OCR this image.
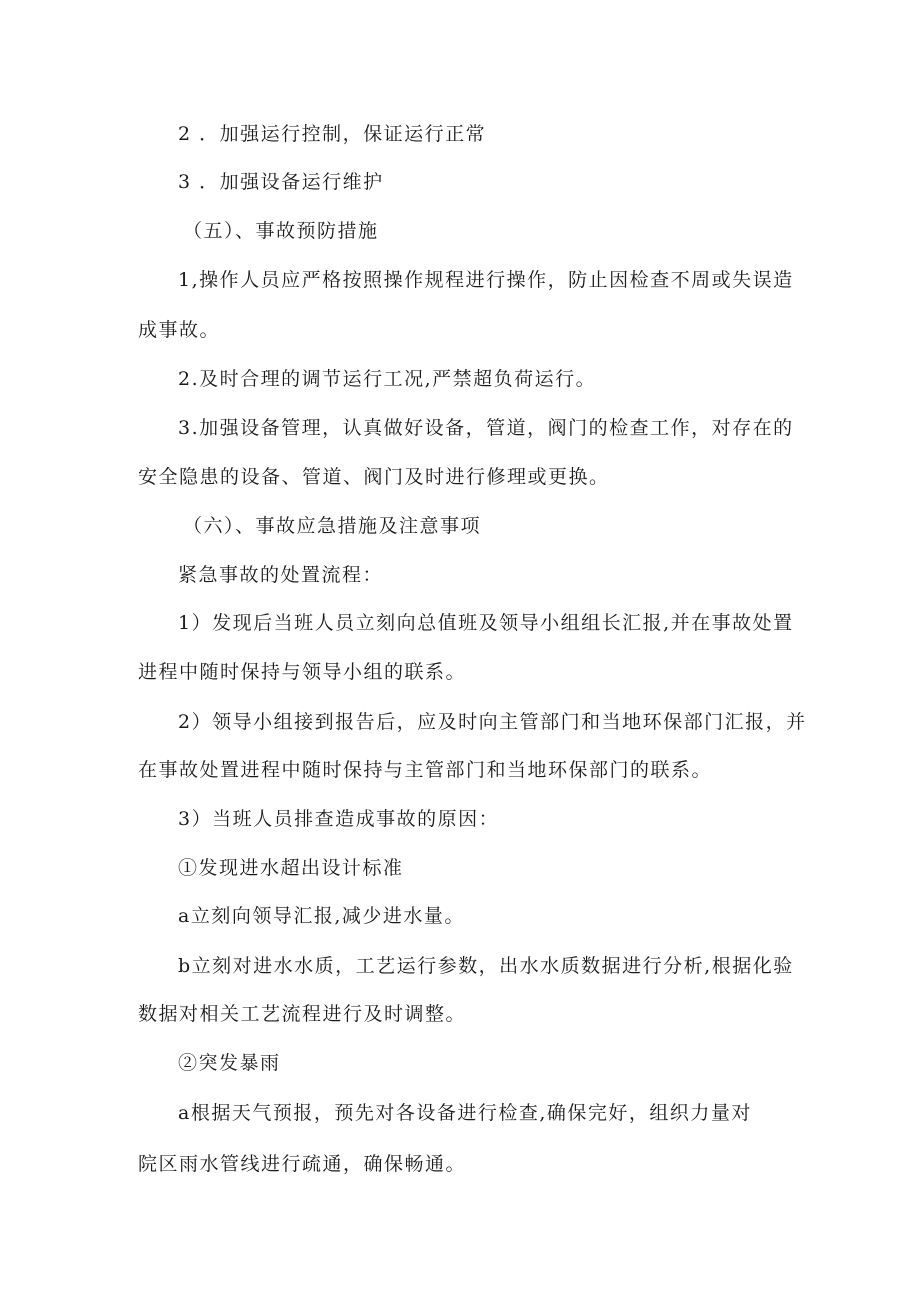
2 ．加强运行控制，保证运行正常
3 ．加强设备运行维护
（五）、事故预防措施
1,操作人员应严格按照操作规程进行操作，防止因检查不周或失误造
成事故。
2.及时合理的调节运行工况,严禁超负荷运行。
3.加强设备管理，认真做好设备，管道，阀门的检查工作，对存在的
安全隐患的设备、管道、阀门及时进行修理或更换。
（六）、事故应急措施及注意事项
紧急事故的处置流程：
1）发现后当班人员立刻向总值班及领导小组组长汇报,并在事故处置
进程中随时保持与领导小组的联系。
2）领导小组接到报告后，应及时向主管部门和当地环保部门汇报，并
在事故处置进程中随时保持与主管部门和当地环保部门的联系。
3）当班人员排查造成事故的原因：
①发现进水超出设计标准
a立刻向领导汇报,减少进水量。
b立刻对进水水质，工艺运行参数，出水水质数据进行分析,根据化验
数据对相关工艺流程进行及时调整。
②突发暴雨
a根据天气预报，预先对各设备进行检查,确保完好，组织力量对
院区雨水管线进行疏通，确保畅通。
